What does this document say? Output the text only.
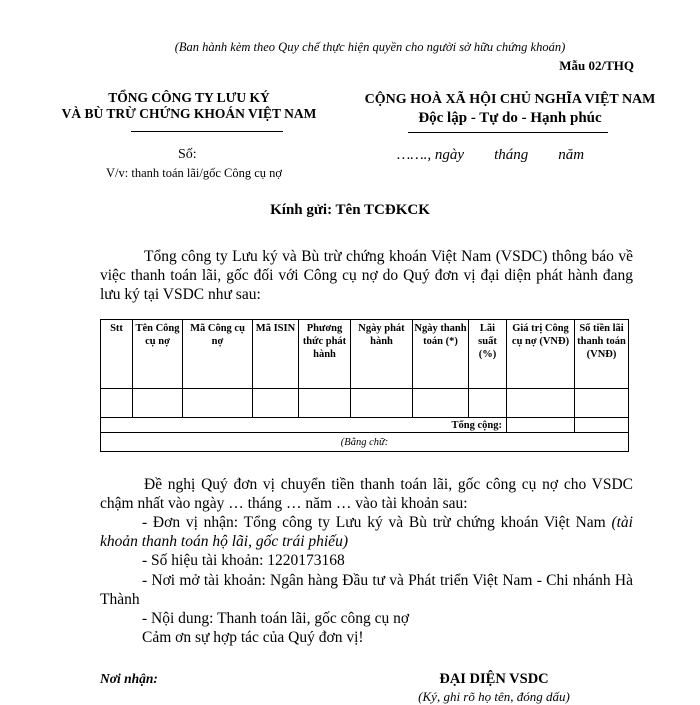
(Ban hành kèm theo Quy chế thực hiện quyền cho người sở hữu chứng khoán)
Mẫu 02/THQ
TỔNG CÔNG TY LƯU KÝ
VÀ BÙ TRỪ CHỨNG KHOÁN VIỆT NAM
CỘNG HOÀ XÃ HỘI CHỦ NGHĨA VIỆT NAM
Độc lập - Tự do - Hạnh phúc
Số:	……., ngày tháng năm
V/v: thanh toán lãi/gốc Công cụ nợ
Kính gửi: Tên TCĐKCK
Tổng công ty Lưu ký và Bù trừ chứng khoán Việt Nam (VSDC) thông báo về việc thanh toán lãi, gốc đối với Công cụ nợ do Quý đơn vị đại diện phát hành đang lưu ký tại VSDC như sau:
Stt	Tên Công cụ nợ	Mã Công cụ nợ	Mã ISIN	Phương thức phát hành	Ngày phát hành	Ngày thanh toán (*)	Lãi suất (%)	Giá trị Công cụ nợ (VNĐ)	Số tiền lãi thanh toán (VNĐ)

Tổng cộng:									
(Bằng chữ:									
Đề nghị Quý đơn vị chuyển tiền thanh toán lãi, gốc công cụ nợ cho VSDC chậm nhất vào ngày … tháng … năm … vào tài khoản sau:
- Đơn vị nhận: Tổng công ty Lưu ký và Bù trừ chứng khoán Việt Nam (tài khoản thanh toán hộ lãi, gốc trái phiếu)
- Số hiệu tài khoản: 1220173168
- Nơi mở tài khoản: Ngân hàng Đầu tư và Phát triển Việt Nam - Chi nhánh Hà Thành
- Nội dung: Thanh toán lãi, gốc công cụ nợ
Cảm ơn sự hợp tác của Quý đơn vị!
Nơi nhận:	ĐẠI DIỆN VSDC
(Ký, ghi rõ họ tên, đóng dấu)
